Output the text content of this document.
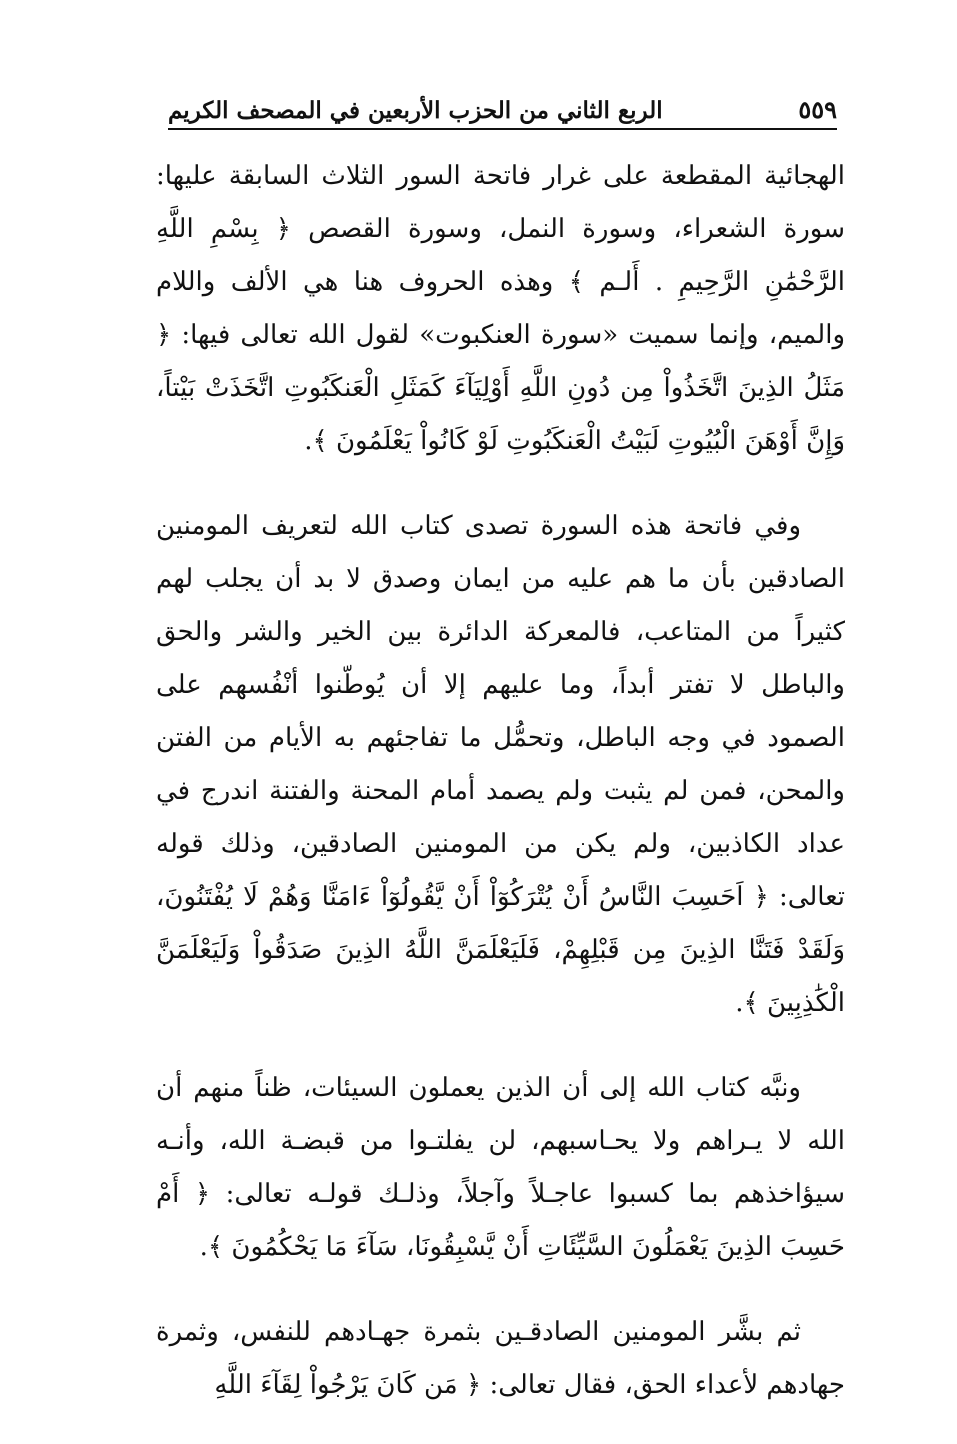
الربع الثاني من الحزب الأربعين في المصحف الكريم	٥٥٩

الهجائية المقطعة على غرار فاتحة السور الثلاث السابقة عليها: سورة الشعراء، وسورة النمل، وسورة القصص ﴿ بِسْمِ اللَّهِ الرَّحْمَٰنِ الرَّحِيمِ . أَلـم ﴾ وهذه الحروف هنا هي الألف واللام والميم، وإنما سميت «سورة العنكبوت» لقول الله تعالى فيها: ﴿ مَثَلُ الذِينَ اتَّخَذُواْ مِن دُونِ اللَّهِ أَوْلِيَآءَ كَمَثَلِ الْعَنكَبُوتِ اتَّخَذَتْ بَيْتاً، وَإِنَّ أَوْهَنَ الْبُيُوتِ لَبَيْتُ الْعَنكَبُوتِ لَوْ كَانُواْ يَعْلَمُونَ ﴾.

وفي فاتحة هذه السورة تصدى كتاب الله لتعريف المومنين الصادقين بأن ما هم عليه من ايمان وصدق لا بد أن يجلب لهم كثيراً من المتاعب، فالمعركة الدائرة بين الخير والشر والحق والباطل لا تفتر أبداً، وما عليهم إلا أن يُوطّنوا أنْفُسهم على الصمود في وجه الباطل، وتحمُّل ما تفاجئهم به الأيام من الفتن والمحن، فمن لم يثبت ولم يصمد أمام المحنة والفتنة اندرج في عداد الكاذبين، ولم يكن من المومنين الصادقين، وذلك قوله تعالى: ﴿ اَحَسِبَ النَّاسُ أَنْ يُتْرَكُوٓاْ أَنْ يَّقُولُوٓاْ ءَامَنَّا وَهُمْ لَا يُفْتَنُونَ، وَلَقَدْ فَتَنَّا الذِينَ مِن قَبْلِهِمْ، فَلَيَعْلَمَنَّ اللَّهُ الذِينَ صَدَقُواْ وَلَيَعْلَمَنَّ الْكَٰذِبِينَ ﴾.

ونبَّه كتاب الله إلى أن الذين يعملون السيئات، ظناً منهم أن الله لا يـراهم ولا يحـاسبهم، لن يفلتـوا من قبضـة الله، وأنـه سيؤاخذهم بما كسبوا عاجـلاً وآجلاً، وذلـك قولـه تعالى: ﴿ أَمْ حَسِبَ الذِينَ يَعْمَلُونَ السَّيِّئَاتِ أَنْ يَّسْبِقُونَا، سَآءَ مَا يَحْكُمُونَ ﴾.

ثم بشَّر المومنين الصادقـين بثمرة جهـادهم للنفس، وثمرة جهادهم لأعداء الحق، فقال تعالى: ﴿ مَن كَانَ يَرْجُواْ لِقَآءَ اللَّهِ
